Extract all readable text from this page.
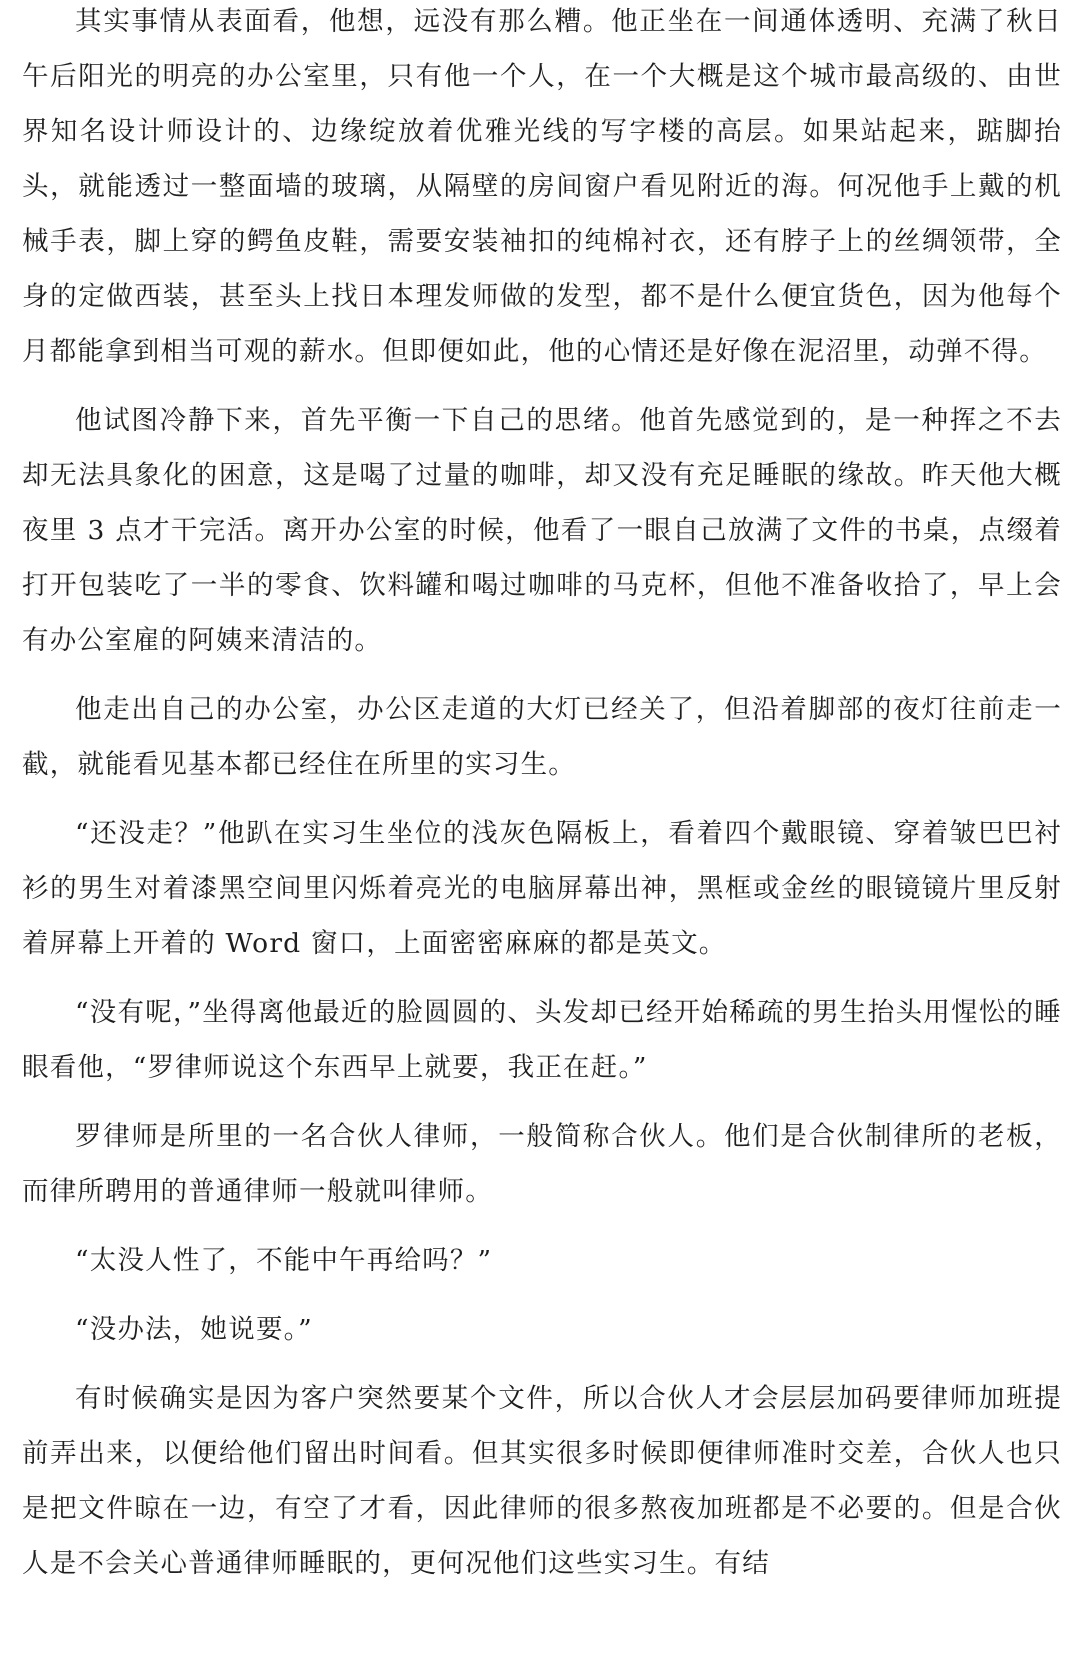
其实事情从表面看，他想，远没有那么糟。他正坐在一间通体透明、充满了秋日午后阳光的明亮的办公室里，只有他一个人，在一个大概是这个城市最高级的、由世界知名设计师设计的、边缘绽放着优雅光线的写字楼的高层。如果站起来，踮脚抬头，就能透过一整面墙的玻璃，从隔壁的房间窗户看见附近的海。何况他手上戴的机械手表，脚上穿的鳄鱼皮鞋，需要安装袖扣的纯棉衬衣，还有脖子上的丝绸领带，全身的定做西装，甚至头上找日本理发师做的发型，都不是什么便宜货色，因为他每个月都能拿到相当可观的薪水。但即便如此，他的心情还是好像在泥沼里，动弹不得。

他试图冷静下来，首先平衡一下自己的思绪。他首先感觉到的，是一种挥之不去却无法具象化的困意，这是喝了过量的咖啡，却又没有充足睡眠的缘故。昨天他大概夜里 3 点才干完活。离开办公室的时候，他看了一眼自己放满了文件的书桌，点缀着打开包装吃了一半的零食、饮料罐和喝过咖啡的马克杯，但他不准备收拾了，早上会有办公室雇的阿姨来清洁的。

他走出自己的办公室，办公区走道的大灯已经关了，但沿着脚部的夜灯往前走一截，就能看见基本都已经住在所里的实习生。

“还没走？”他趴在实习生坐位的浅灰色隔板上，看着四个戴眼镜、穿着皱巴巴衬衫的男生对着漆黑空间里闪烁着亮光的电脑屏幕出神，黑框或金丝的眼镜镜片里反射着屏幕上开着的 Word 窗口，上面密密麻麻的都是英文。

“没有呢，”坐得离他最近的脸圆圆的、头发却已经开始稀疏的男生抬头用惺忪的睡眼看他，“罗律师说这个东西早上就要，我正在赶。”

罗律师是所里的一名合伙人律师，一般简称合伙人。他们是合伙制律所的老板，而律所聘用的普通律师一般就叫律师。

“太没人性了，不能中午再给吗？”

“没办法，她说要。”

有时候确实是因为客户突然要某个文件，所以合伙人才会层层加码要律师加班提前弄出来，以便给他们留出时间看。但其实很多时候即便律师准时交差，合伙人也只是把文件晾在一边，有空了才看，因此律师的很多熬夜加班都是不必要的。但是合伙人是不会关心普通律师睡眠的，更何况他们这些实习生。有结
